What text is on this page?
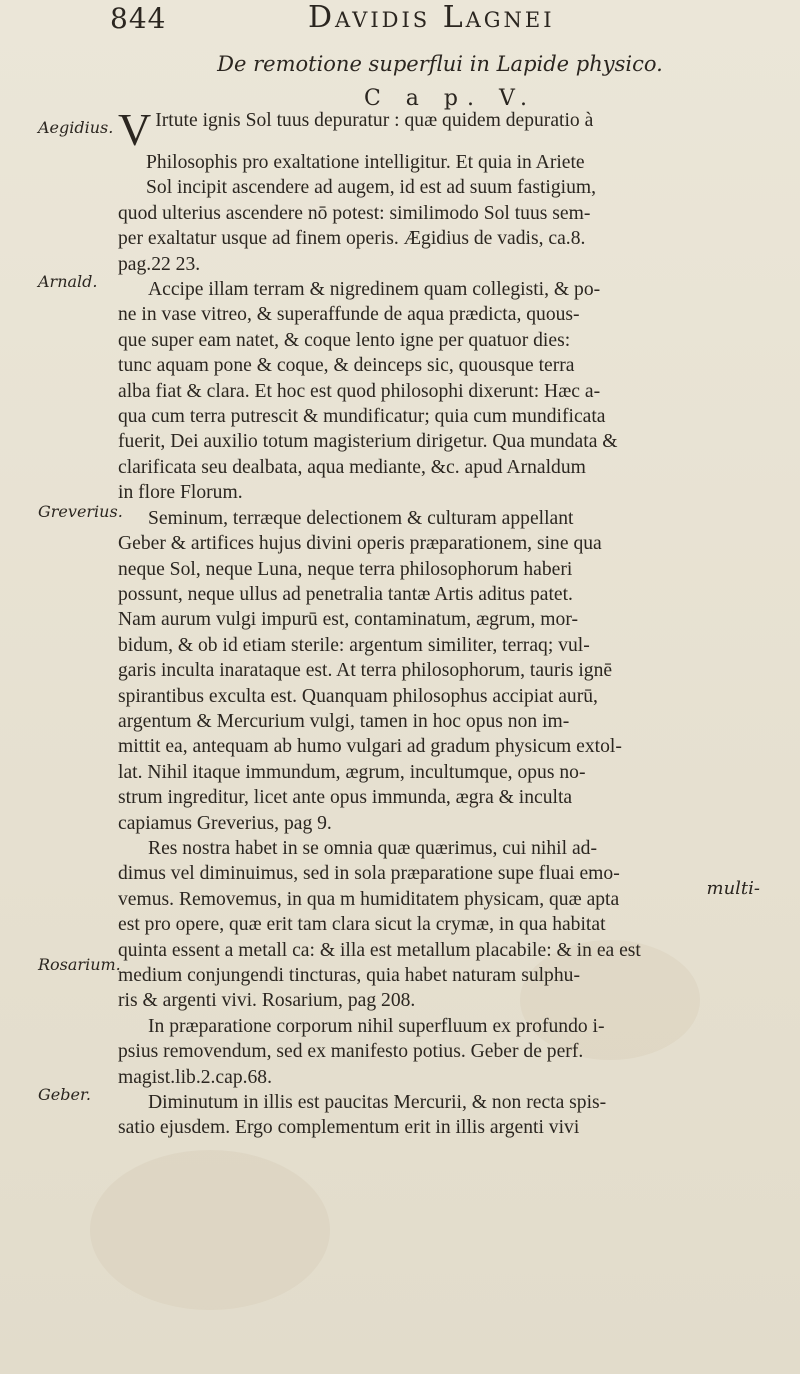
844	Davidis Lagnei
De remotione superflui in Lapide physico.
C a p. V.
Aegidius.
Arnald.
Greverius.
Rosarium.
Geber.
V Irtute ignis Sol tuus depuratur : quæ quidem depuratio à
Philosophis pro exaltatione intelligitur. Et quia in Ariete
Sol incipit ascendere ad augem, id est ad suum fastigium,
quod ulterius ascendere nō potest: similimodo Sol tuus sem-
per exaltatur usque ad finem operis. Ægidius de vadis, ca.8.
pag.22 23.
Accipe illam terram & nigredinem quam collegisti, & po-
ne in vase vitreo, & superaffunde de aqua prædicta, quous-
que super eam natet, & coque lento igne per quatuor dies:
tunc aquam pone & coque, & deinceps sic, quousque terra
alba fiat & clara. Et hoc est quod philosophi dixerunt: Hæc a-
qua cum terra putrescit & mundificatur; quia cum mundificata
fuerit, Dei auxilio totum magisterium dirigetur. Qua mundata &
clarificata seu dealbata, aqua mediante, &c. apud Arnaldum
in flore Florum.
Seminum, terræque delectionem & culturam appellant
Geber & artifices hujus divini operis præparationem, sine qua
neque Sol, neque Luna, neque terra philosophorum haberi
possunt, neque ullus ad penetralia tantæ Artis aditus patet.
Nam aurum vulgi impurū est, contaminatum, ægrum, mor-
bidum, & ob id etiam sterile: argentum similiter, terraq; vul-
garis inculta inarataque est. At terra philosophorum, tauris ignē
spirantibus exculta est. Quanquam philosophus accipiat aurū,
argentum & Mercurium vulgi, tamen in hoc opus non im-
mittit ea, antequam ab humo vulgari ad gradum physicum extol-
lat. Nihil itaque immundum, ægrum, incultumque, opus no-
strum ingreditur, licet ante opus immunda, ægra & inculta
capiamus Greverius, pag 9.
Res nostra habet in se omnia quæ quærimus, cui nihil ad-
dimus vel diminuimus, sed in sola præparatione supe fluai emo-
vemus. Removemus, in qua m humiditatem physicam, quæ apta
est pro opere, quæ erit tam clara sicut la crymæ, in qua habitat
quinta essent a metall ca: & illa est metallum placabile: & in ea est
medium conjungendi tincturas, quia habet naturam sulphu-
ris & argenti vivi. Rosarium, pag 208.
In præparatione corporum nihil superfluum ex profundo i-
psius removendum, sed ex manifesto potius. Geber de perf.
magist.lib.2.cap.68.
Diminutum in illis est paucitas Mercurii, & non recta spis-
satio ejusdem. Ergo complementum erit in illis argenti vivi
multi-
